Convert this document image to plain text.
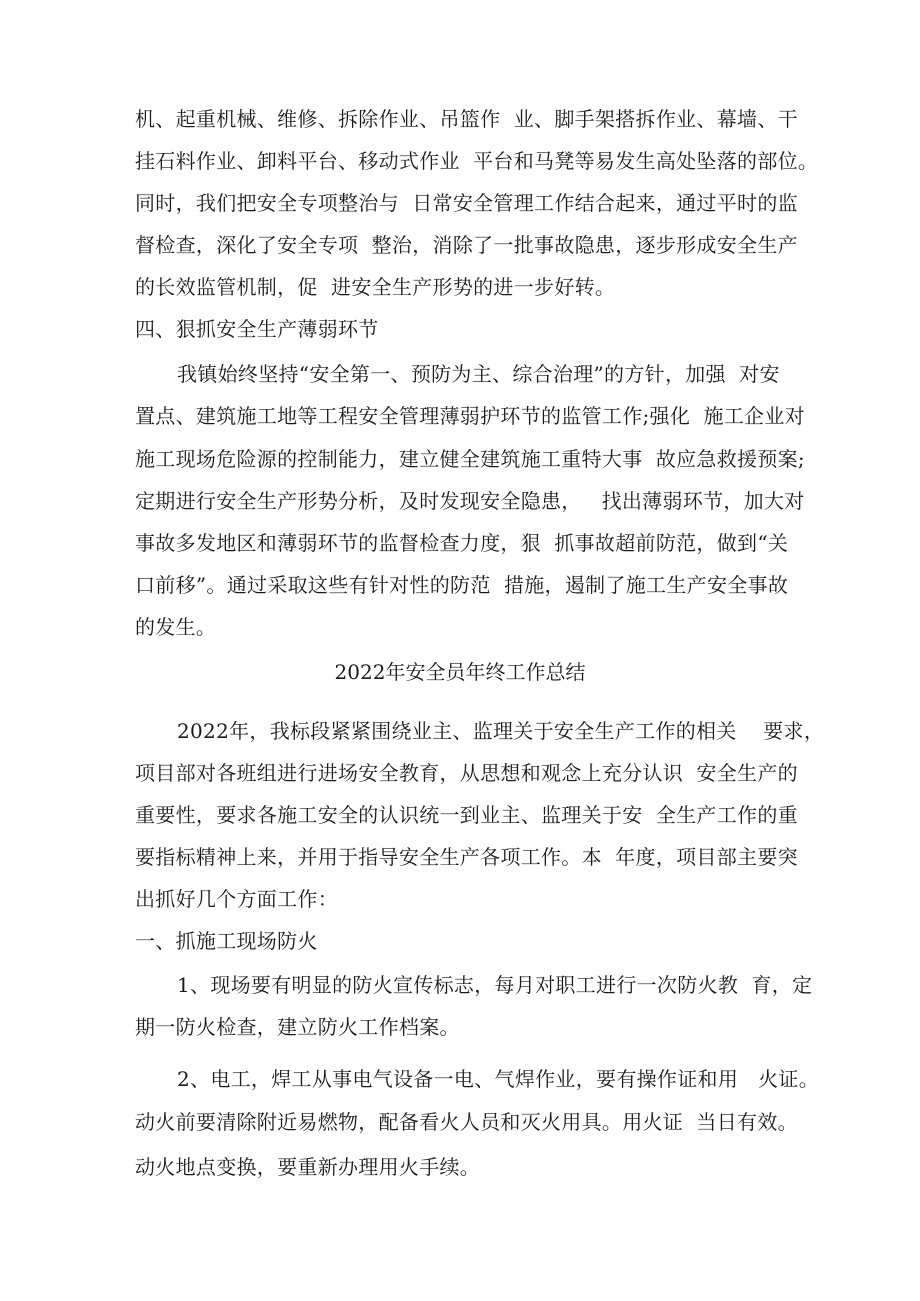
机、起重机械、维修、拆除作业、吊篮作  业、脚手架搭拆作业、幕墙、干
挂石料作业、卸料平台、移动式作业  平台和马凳等易发生高处坠落的部位。
同时，我们把安全专项整治与  日常安全管理工作结合起来，通过平时的监
督检查，深化了安全专项  整治，消除了一批事故隐患，逐步形成安全生产
的长效监管机制，促  进安全生产形势的进一步好转。
四、狠抓安全生产薄弱环节
我镇始终坚持“安全第一、预防为主、综合治理”的方针，加强  对安
置点、建筑施工地等工程安全管理薄弱护环节的监管工作;强化  施工企业对
施工现场危险源的控制能力，建立健全建筑施工重特大事  故应急救援预案;
定期进行安全生产形势分析，及时发现安全隐患，   找出薄弱环节，加大对
事故多发地区和薄弱环节的监督检查力度，狠  抓事故超前防范，做到“关
口前移”。通过采取这些有针对性的防范  措施，遏制了施工生产安全事故
的发生。
2022年安全员年终工作总结
2022年，我标段紧紧围绕业主、监理关于安全生产工作的相关    要求，
项目部对各班组进行进场安全教育，从思想和观念上充分认识  安全生产的
重要性，要求各施工安全的认识统一到业主、监理关于安  全生产工作的重
要指标精神上来，并用于指导安全生产各项工作。本  年度，项目部主要突
出抓好几个方面工作：
一、抓施工现场防火
1、现场要有明显的防火宣传标志，每月对职工进行一次防火教  育，定
期一防火检查，建立防火工作档案。
2、电工，焊工从事电气设备一电、气焊作业，要有操作证和用   火证。
动火前要清除附近易燃物，配备看火人员和灭火用具。用火证  当日有效。
动火地点变换，要重新办理用火手续。
